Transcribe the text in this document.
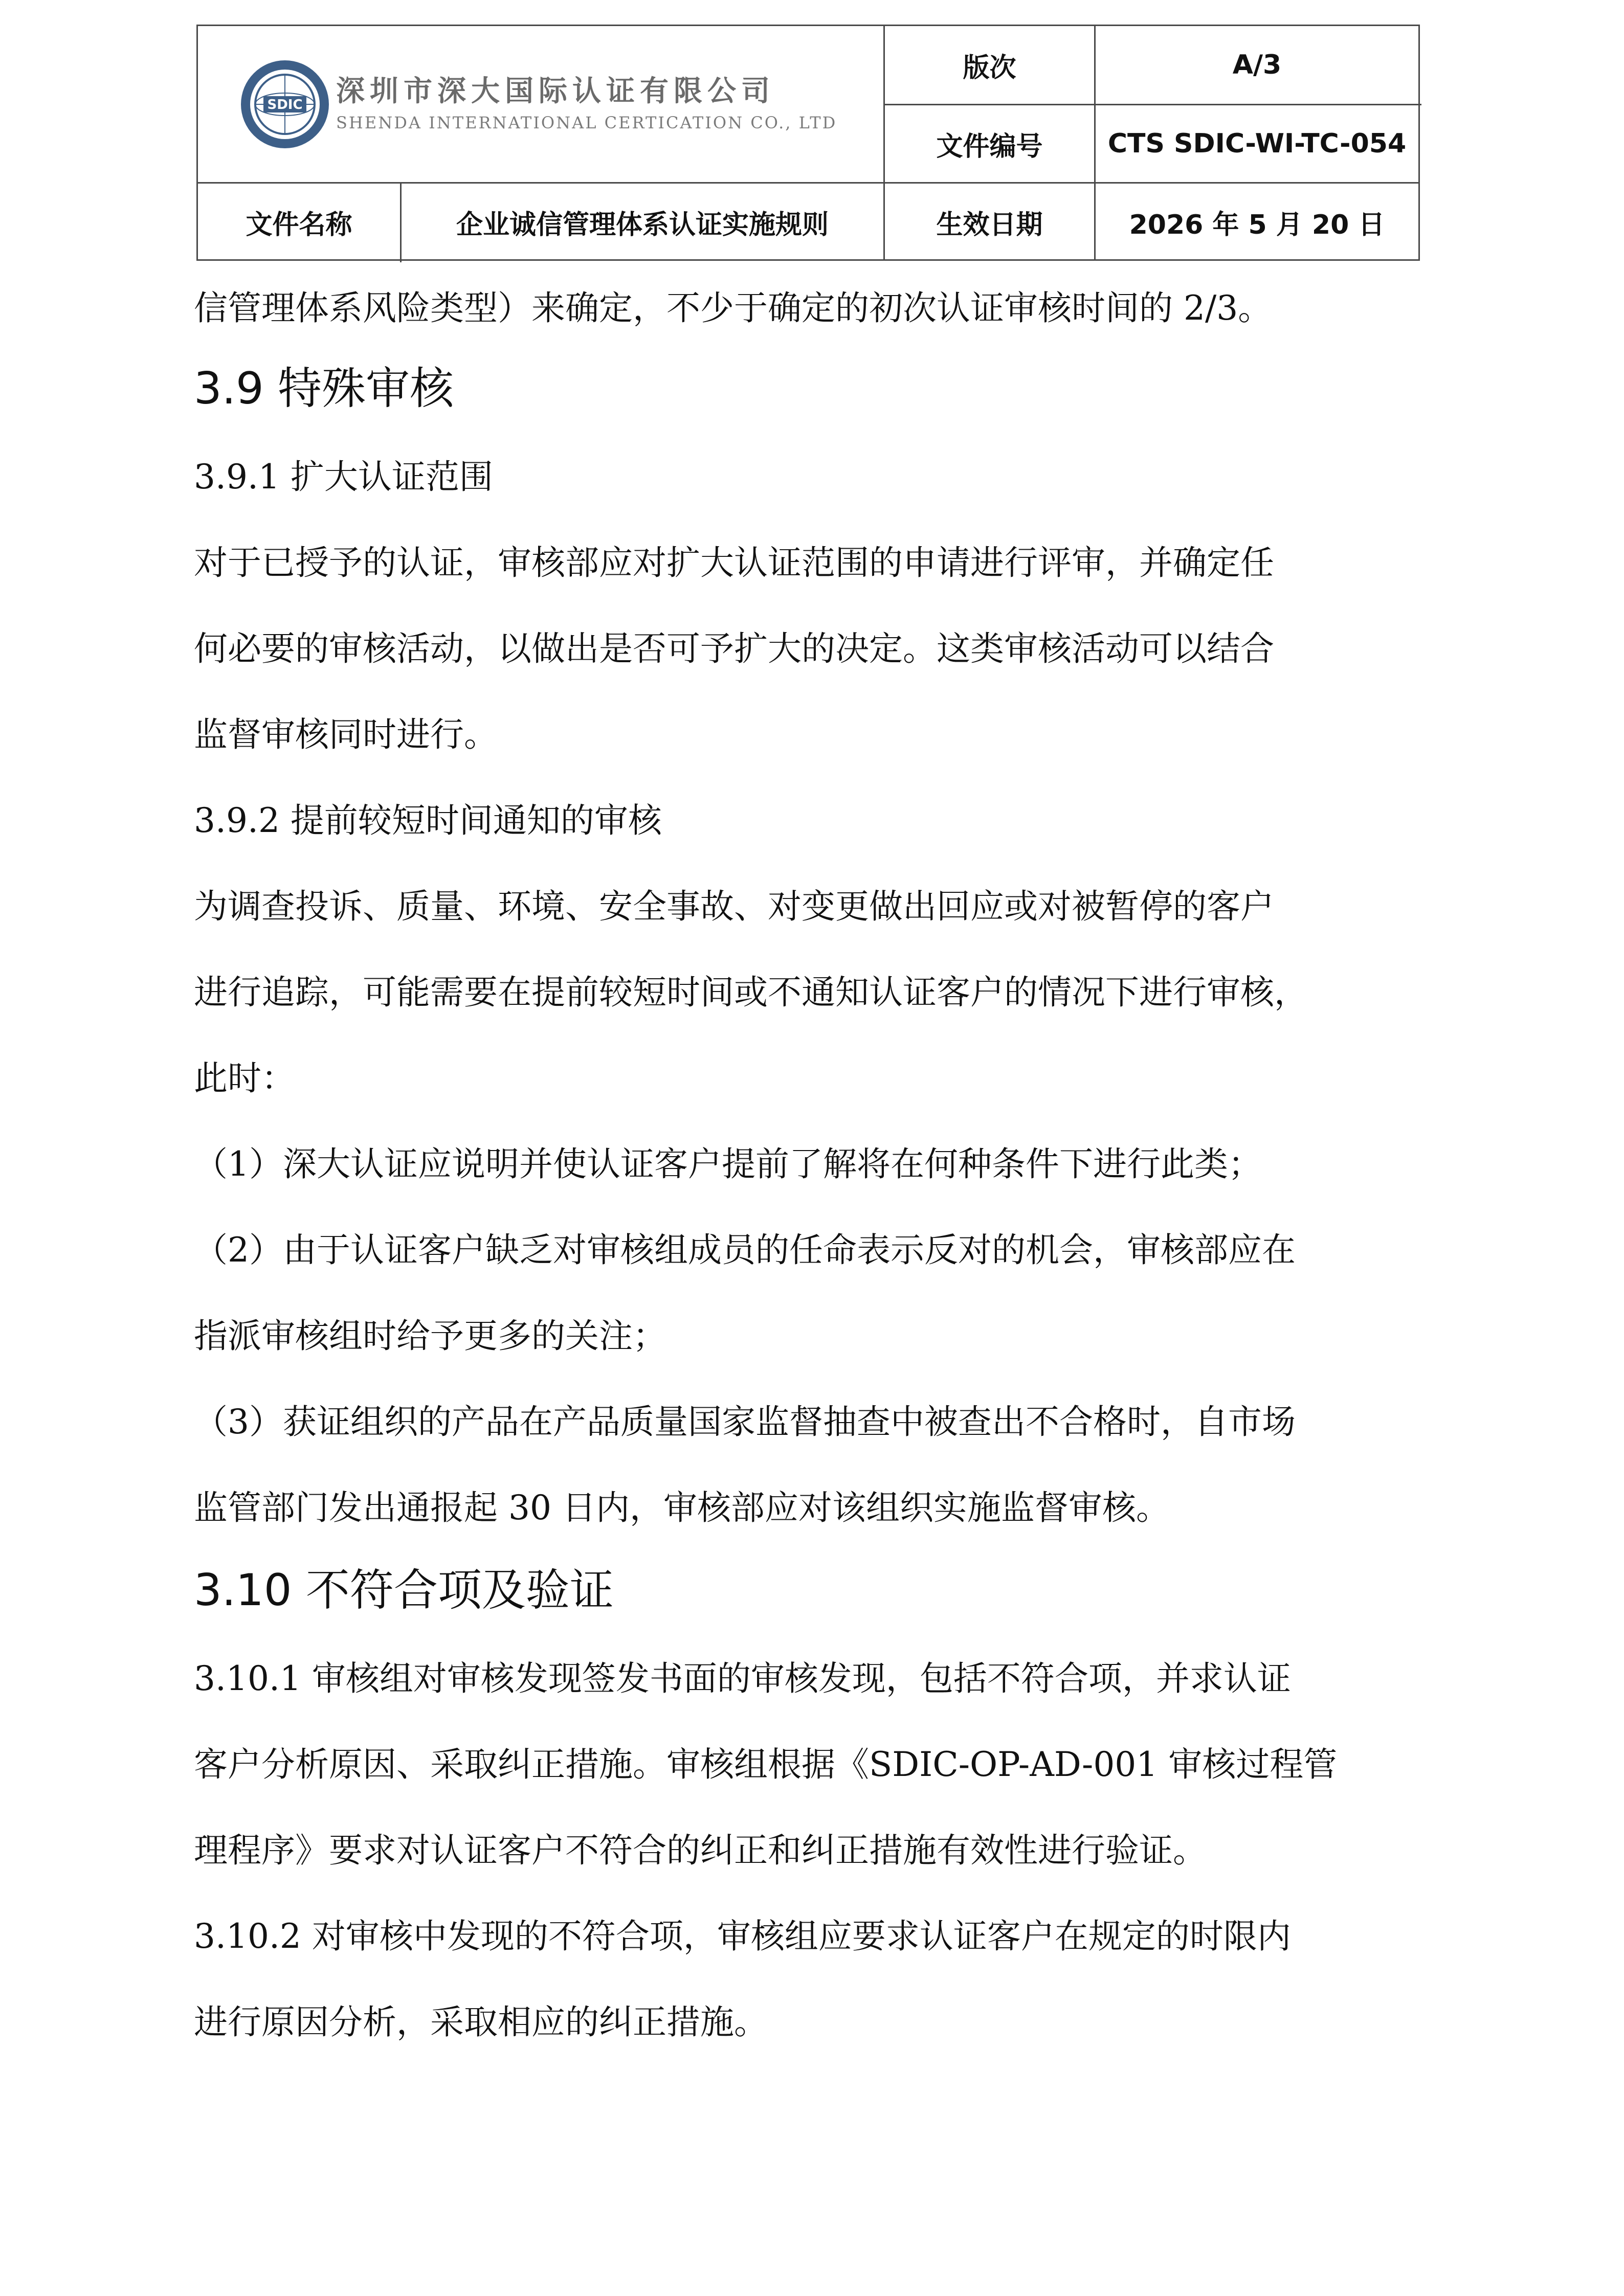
SDIC 深圳市深大国际认证有限公司
SHENDA INTERNATIONAL CERTICATION CO., LTD
版次	A/3
文件编号	CTS SDIC-WI-TC-054
文件名称	企业诚信管理体系认证实施规则	生效日期	2026 年 5 月 20 日
信管理体系风险类型）来确定，不少于确定的初次认证审核时间的 2/3。
3.9 特殊审核
3.9.1 扩大认证范围
对于已授予的认证，审核部应对扩大认证范围的申请进行评审，并确定任
何必要的审核活动，以做出是否可予扩大的决定。这类审核活动可以结合
监督审核同时进行。
3.9.2 提前较短时间通知的审核
为调查投诉、质量、环境、安全事故、对变更做出回应或对被暂停的客户
进行追踪，可能需要在提前较短时间或不通知认证客户的情况下进行审核，
此时：
（1）深大认证应说明并使认证客户提前了解将在何种条件下进行此类；
（2）由于认证客户缺乏对审核组成员的任命表示反对的机会，审核部应在
指派审核组时给予更多的关注；
（3）获证组织的产品在产品质量国家监督抽查中被查出不合格时，自市场
监管部门发出通报起 30 日内，审核部应对该组织实施监督审核。
3.10 不符合项及验证
3.10.1 审核组对审核发现签发书面的审核发现，包括不符合项，并求认证
客户分析原因、采取纠正措施。审核组根据《SDIC-OP-AD-001 审核过程管
理程序》要求对认证客户不符合的纠正和纠正措施有效性进行验证。
3.10.2 对审核中发现的不符合项，审核组应要求认证客户在规定的时限内
进行原因分析，采取相应的纠正措施。
